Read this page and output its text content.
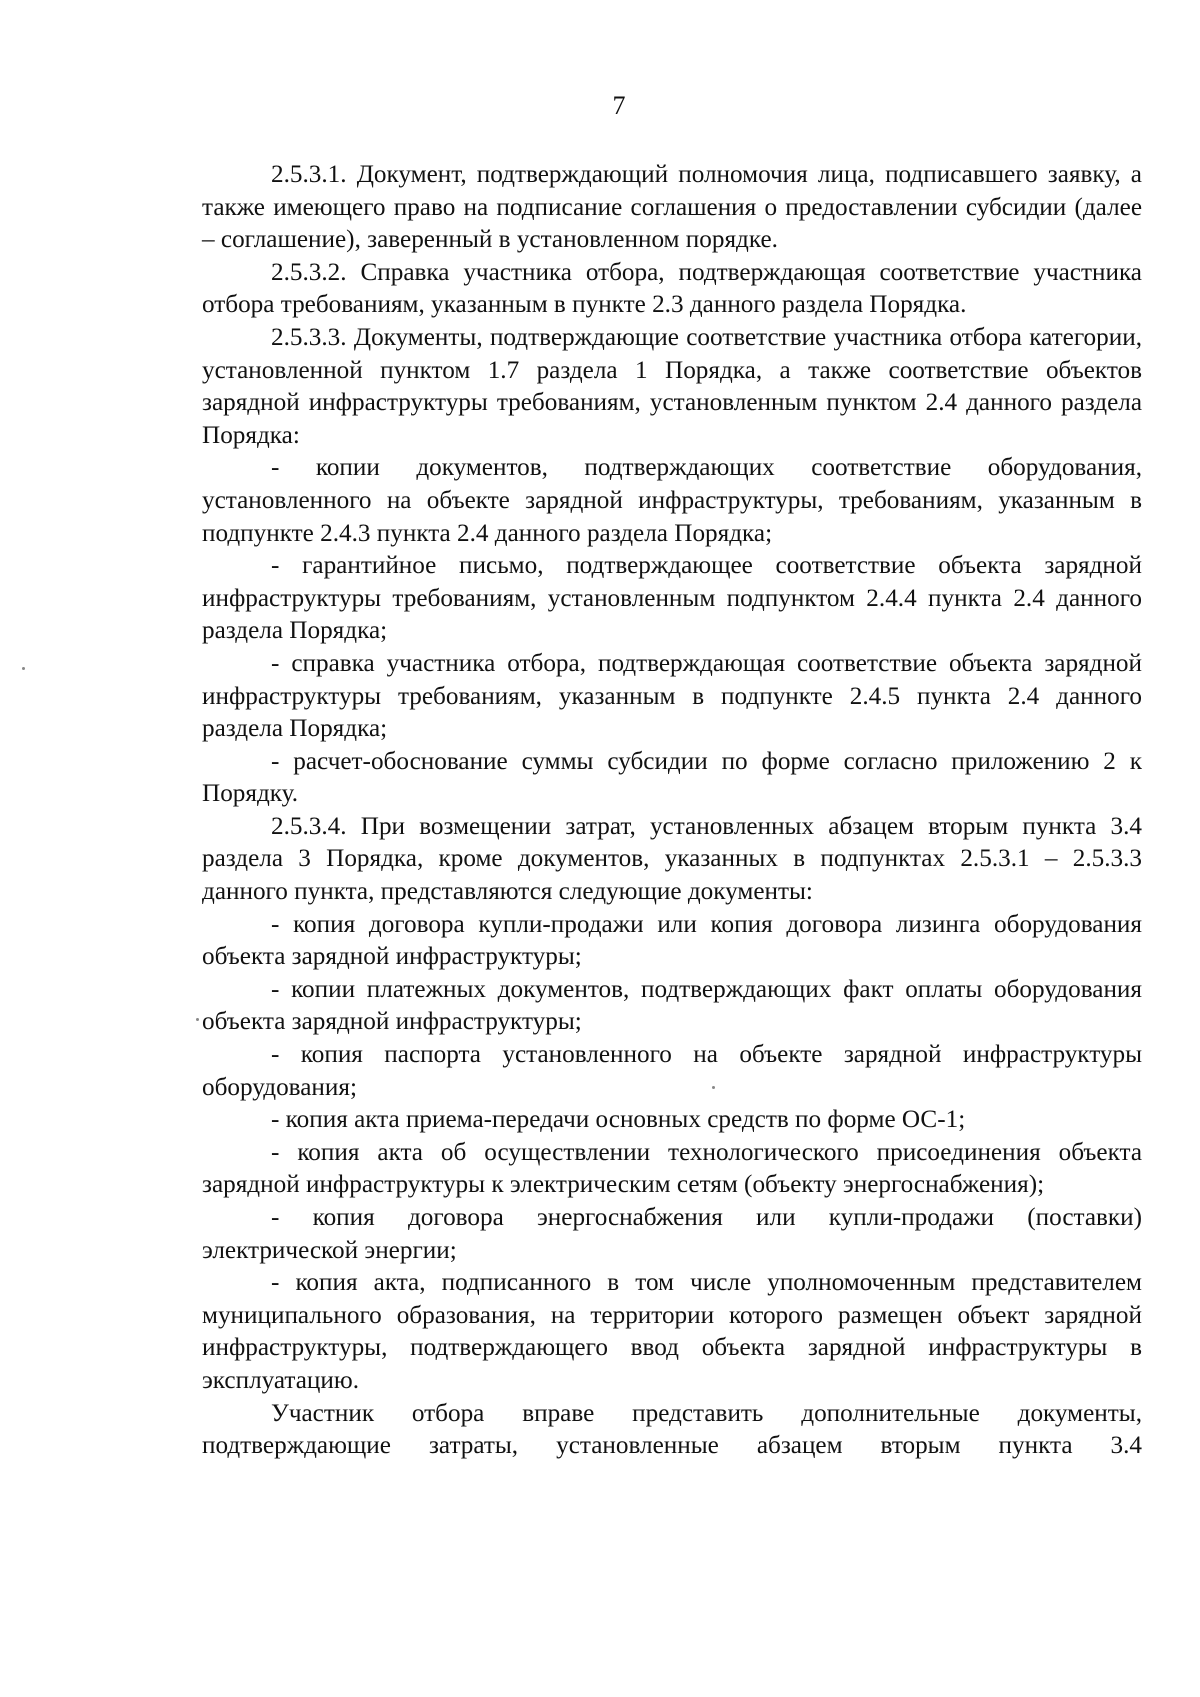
7

2.5.3.1. Документ, подтверждающий полномочия лица, подписавшего заявку, а также имеющего право на подписание соглашения о предоставлении субсидии (далее – соглашение), заверенный в установленном порядке.

2.5.3.2. Справка участника отбора, подтверждающая соответствие участника отбора требованиям, указанным в пункте 2.3 данного раздела Порядка.

2.5.3.3. Документы, подтверждающие соответствие участника отбора категории, установленной пунктом 1.7 раздела 1 Порядка, а также соответствие объектов зарядной инфраструктуры требованиям, установленным пунктом 2.4 данного раздела Порядка:

- копии документов, подтверждающих соответствие оборудования, установленного на объекте зарядной инфраструктуры, требованиям, указанным в подпункте 2.4.3 пункта 2.4 данного раздела Порядка;

- гарантийное письмо, подтверждающее соответствие объекта зарядной инфраструктуры требованиям, установленным подпунктом 2.4.4 пункта 2.4 данного раздела Порядка;

- справка участника отбора, подтверждающая соответствие объекта зарядной инфраструктуры требованиям, указанным в подпункте 2.4.5 пункта 2.4 данного раздела Порядка;

- расчет-обоснование суммы субсидии по форме согласно приложению 2 к Порядку.

2.5.3.4. При возмещении затрат, установленных абзацем вторым пункта 3.4 раздела 3 Порядка, кроме документов, указанных в подпунктах 2.5.3.1 – 2.5.3.3 данного пункта, представляются следующие документы:

- копия договора купли-продажи или копия договора лизинга оборудования объекта зарядной инфраструктуры;

- копии платежных документов, подтверждающих факт оплаты оборудования объекта зарядной инфраструктуры;

- копия паспорта установленного на объекте зарядной инфраструктуры оборудования;

- копия акта приема-передачи основных средств по форме ОС-1;

- копия акта об осуществлении технологического присоединения объекта зарядной инфраструктуры к электрическим сетям (объекту энергоснабжения);

- копия договора энергоснабжения или купли-продажи (поставки) электрической энергии;

- копия акта, подписанного в том числе уполномоченным представителем муниципального образования, на территории которого размещен объект зарядной инфраструктуры, подтверждающего ввод объекта зарядной инфраструктуры в эксплуатацию.

Участник отбора вправе представить дополнительные документы, подтверждающие затраты, установленные абзацем вторым пункта 3.4
